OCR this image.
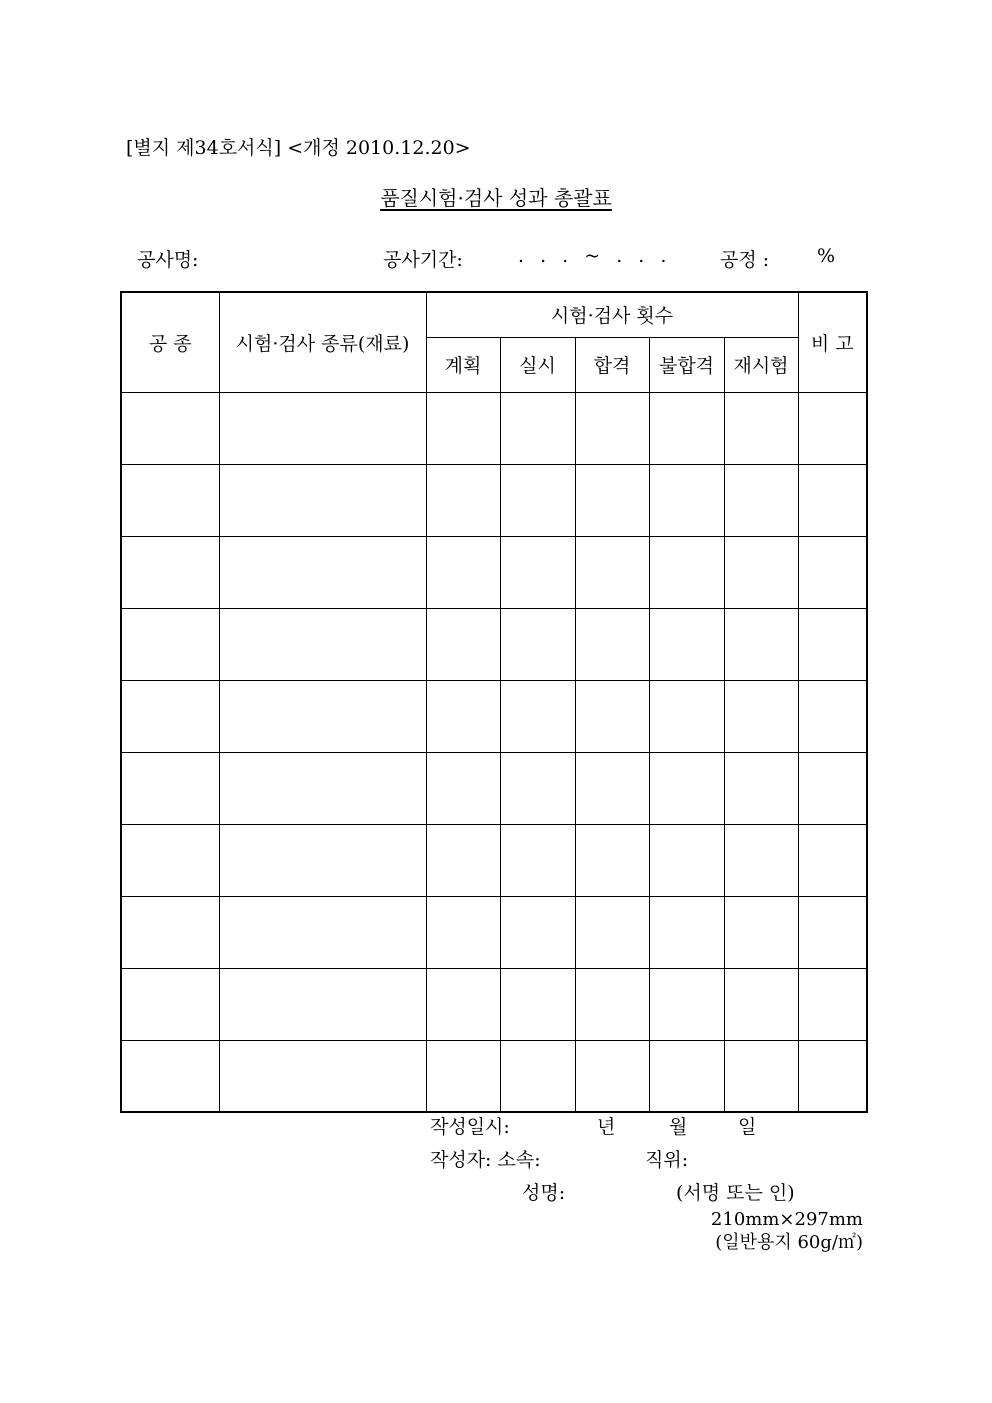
[별지 제34호서식] <개정 2010.12.20>
품질시험·검사 성과 총괄표
공사명:	공사기간:	. . . ~ . . .	공정 :	%
공 종	시험·검사 종류(재료)	시험·검사 횟수					비 고
		계획	실시	합격	불합격	재시험	

작성일시:	년	월	일
작성자: 소속:	직위:
성명:	(서명 또는 인)
210mm×297mm
(일반용지 60g/㎡)
